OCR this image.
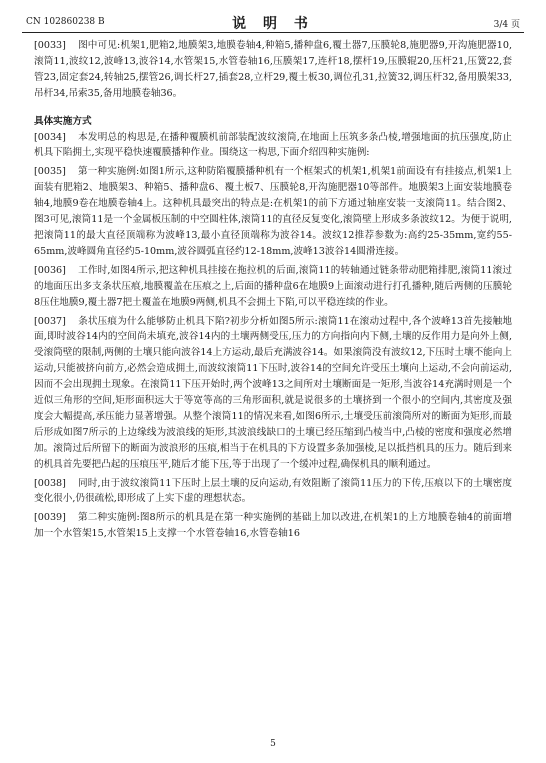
CN 102860238 B	说 明 书	3/4 页

[0033] 图中可见:机架1,肥箱2,地膜架3,地膜卷轴4,种箱5,播种盘6,覆土器7,压膜轮8,施肥器9,开沟施肥器10,滚筒11,波纹12,波峰13,波谷14,水管架15,水管卷轴16,压膜架17,连杆18,摆杆19,压膜辊20,压杆21,压簧22,套管23,固定套24,转轴25,摆管26,调长杆27,插套28,立杆29,覆土板30,调位孔31,拉簧32,调压杆32,备用膜架33,吊杆34,吊索35,备用地膜卷轴36。

具体实施方式

[0034] 本发明总的构思是,在播种覆膜机前部装配波纹滚筒,在地面上压筑多条凸棱,增强地面的抗压强度,防止机具下陷拥土,实现平稳快速覆膜播种作业。围绕这一构思,下面介绍四种实施例:

[0035] 第一种实施例:如图1所示,这种防陷覆膜播种机有一个框架式的机架1,机架1前面设有有挂接点,机架1上面装有肥箱2、地膜架3、种箱5、播种盘6、覆土板7、压膜轮8,开沟施肥器10等部件。地膜架3上面安装地膜卷轴4,地膜9卷在地膜卷轴4上。这种机具最突出的特点是:在机架1的前下方通过轴座安装一支滚筒11。结合图2、图3可见,滚筒11是一个金属板压制的中空圆柱体,滚筒11的直径反复变化,滚筒壁上形成多条波纹12。为便于说明,把滚筒11的最大直径顶端称为波峰13,最小直径顶端称为波谷14。波纹12推荐参数为:高约25-35mm,宽约55-65mm,波峰圆角直径约5-10mm,波谷圆弧直径约12-18mm,波峰13波谷14圆滑连接。

[0036] 工作时,如图4所示,把这种机具挂接在拖拉机的后面,滚筒11的转轴通过链条带动肥箱排肥,滚筒11滚过的地面压出多支条状压痕,地膜覆盖在压痕之上,后面的播种盘6在地膜9上面滚动进行打孔播种,随后两侧的压膜轮8压住地膜9,覆土器7把土覆盖在地膜9两侧,机具不会拥土下陷,可以平稳连续的作业。

[0037] 条状压痕为什么能够防止机具下陷?初步分析如图5所示:滚筒11在滚动过程中,各个波峰13首先接触地面,即时波谷14内的空间尚未填充,波谷14内的土壤两侧受压,压力的方向指向内下侧,土壤的反作用力是向外上侧,受滚筒壁的限制,两侧的土壤只能向波谷14上方运动,最后充满波谷14。如果滚筒没有波纹12,下压时土壤不能向上运动,只能被挤向前方,必然会造成拥土,而波纹滚筒11下压时,波谷14的空间允许受压土壤向上运动,不会向前运动,因而不会出现拥土现象。在滚筒11下压开始时,两个波峰13之间所对土壤断面是一矩形,当波谷14充满时则是一个近似三角形的空间,矩形面积远大于等宽等高的三角形面积,就是说很多的土壤挤到一个很小的空间内,其密度及强度会大幅提高,承压能力显著增强。从整个滚筒11的情况来看,如图6所示,土壤受压前滚筒所对的断面为矩形,而最后形成如图7所示的上边缘线为波浪线的矩形,其波浪线缺口的土壤已经压缩到凸棱当中,凸棱的密度和强度必然增加。滚筒过后所留下的断面为波浪形的压痕,相当于在机具的下方设置多条加强棱,足以抵挡机具的压力。随后到来的机具首先要把凸起的压痕压平,随后才能下压,等于出现了一个缓冲过程,确保机具的顺利通过。

[0038] 同时,由于波纹滚筒11下压时上层土壤的反向运动,有效阻断了滚筒11压力的下传,压痕以下的土壤密度变化很小,仍很疏松,即形成了上实下虚的理想状态。

[0039] 第二种实施例:图8所示的机具是在第一种实施例的基础上加以改进,在机架1的上方地膜卷轴4的前面增加一个水管架15,水管架15上支撑一个水管卷轴16,水管卷轴16

5
